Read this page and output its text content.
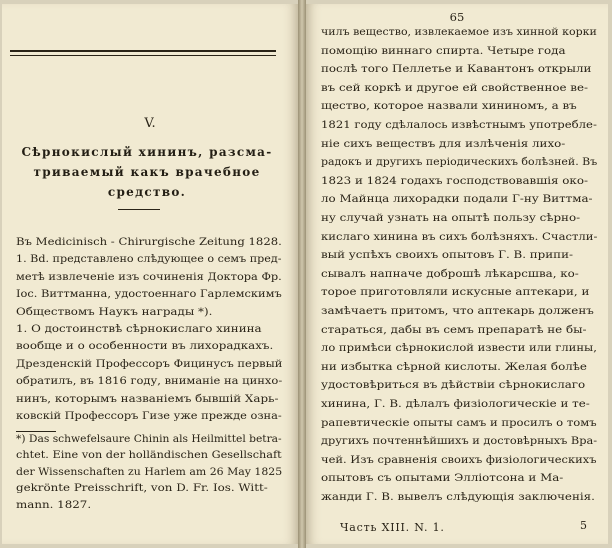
V.
Сѣрнокислый хининъ, разсма-
триваемый какъ врачебное
средство.
Въ Medicinisch - Chirurgische Zeitung 1828.
1. Bd. представлено слѣдующее о семъ пред-
метѣ извлеченіе изъ сочиненія Доктора Фр.
Іос. Виттманна, удостоеннаго Гарлемскимъ
Обществомъ Наукъ награды *).
1. О достоинствѣ сѣрнокислаго хинина
вообще и о особенности въ лихорадкахъ.
Дрезденскій Профессоръ Фицинусъ первый
обратилъ, въ 1816 году, вниманіе на цинхо-
нинъ, которымъ названіемъ бывшій Харь-
ковскій Профессоръ Гизе уже прежде озна-
*) Das schwefelsaure Chinin als Heilmittel betra-
chtet. Eine von der holländischen Gesellschaft
der Wissenschaften zu Harlem am 26 May 1825
gekrönte Preisschrift, von D. Fr. Ios. Witt-
mann. 1827.
65
чилъ вещество, извлекаемое изъ хинной корки
помощію виннаго спирта. Четыре года
послѣ того Пеллетье и Кавантонъ открыли
въ сей коркѣ и другое ей свойственное ве-
щество, которое назвали хининомъ, а въ
1821 году сдѣлалось извѣстнымъ употребле-
ніе сихъ веществъ для излѣченія лихо-
радокъ и другихъ періодическихъ болѣзней. Въ
1823 и 1824 годахъ господствовавшія око-
ло Майнца лихорадки подали Г-ну Виттма-
ну случай узнать на опытѣ пользу сѣрно-
кислаго хинина въ сихъ болѣзняхъ. Счастли-
вый успѣхъ своихъ опытовъ Г. В. припи-
сывалъ напначе доброшѣ лѣкарсшва, ко-
торое приготовляли искусные аптекари, и
замѣчаетъ притомъ, что аптекарь долженъ
стараться, дабы въ семъ препаратѣ не бы-
ло примѣси сѣрнокислой извести или глины,
ни избытка сѣрной кислоты. Желая болѣе
удостовѣриться въ дѣйствіи сѣрнокислаго
хинина, Г. В. дѣлалъ физіологическіе и те-
рапевтическіе опыты самъ и просилъ о томъ
другихъ почтеннѣйшихъ и достовѣрныхъ Вра-
чей. Изъ сравненія своихъ физіологическихъ
опытовъ съ опытами Эллiотсона и Ма-
жанди Г. В. вывелъ слѣдующія заключенія.
Часть XIII. N. 1.	5
